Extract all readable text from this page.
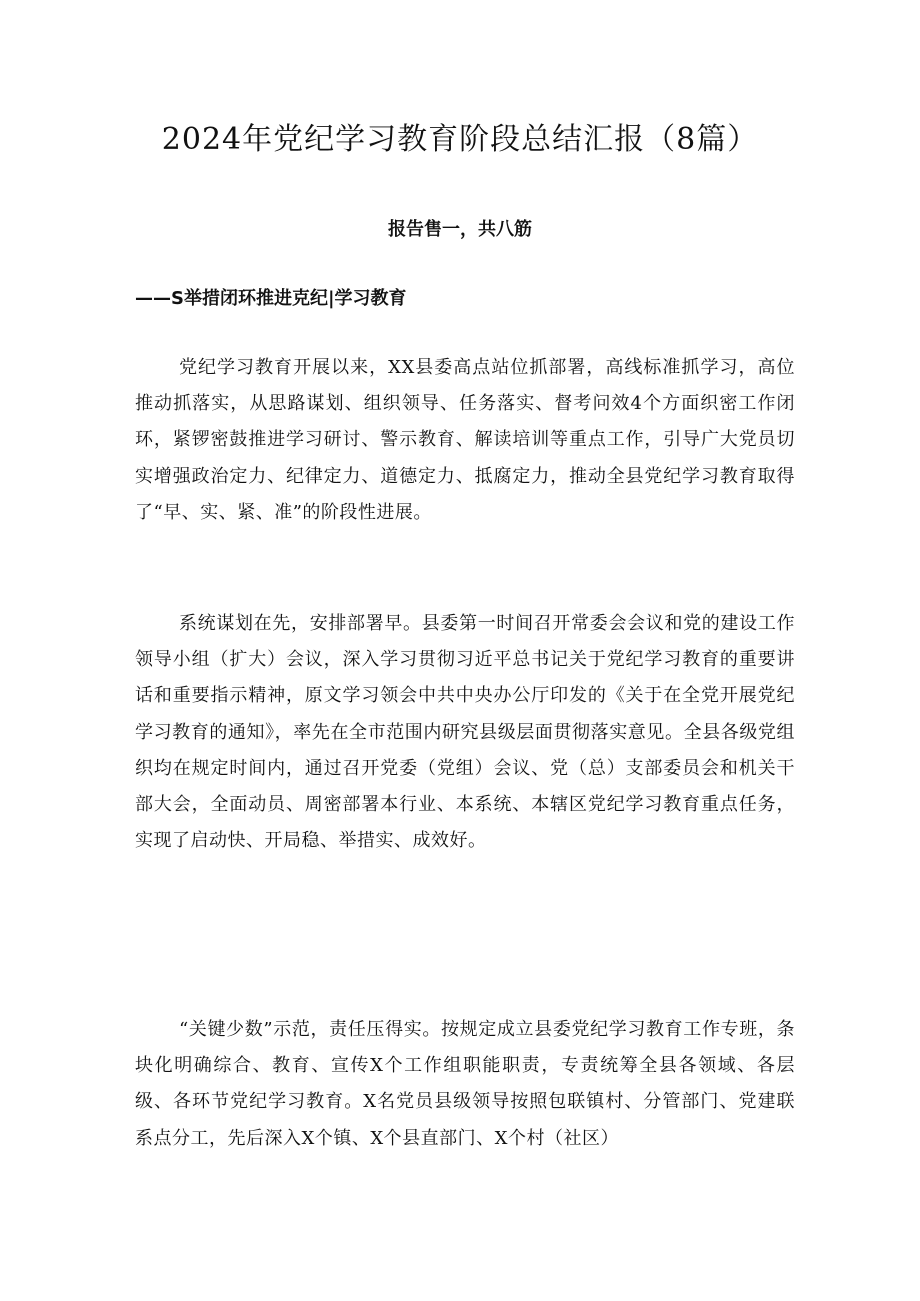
2024年党纪学习教育阶段总结汇报（8篇）
报告售一，共八筋
——S举措闭环推进克纪|学习教育

党纪学习教育开展以来，XX县委高点站位抓部署，高线标准抓学习，高位推动抓落实，从思路谋划、组织领导、任务落实、督考问效4个方面织密工作闭环，紧锣密鼓推进学习研讨、警示教育、解读培训等重点工作，引导广大党员切实增强政治定力、纪律定力、道德定力、抵腐定力，推动全县党纪学习教育取得了“早、实、紧、准”的阶段性进展。

系统谋划在先，安排部署早。县委第一时间召开常委会会议和党的建设工作领导小组（扩大）会议，深入学习贯彻习近平总书记关于党纪学习教育的重要讲话和重要指示精神，原文学习领会中共中央办公厅印发的《关于在全党开展党纪学习教育的通知》，率先在全市范围内研究县级层面贯彻落实意见。全县各级党组织均在规定时间内，通过召开党委（党组）会议、党（总）支部委员会和机关干部大会，全面动员、周密部署本行业、本系统、本辖区党纪学习教育重点任务，实现了启动快、开局稳、举措实、成效好。

“关键少数”示范，责任压得实。按规定成立县委党纪学习教育工作专班，条块化明确综合、教育、宣传X个工作组职能职责，专责统筹全县各领域、各层级、各环节党纪学习教育。X名党员县级领导按照包联镇村、分管部门、党建联系点分工，先后深入X个镇、X个县直部门、X个村（社区）
